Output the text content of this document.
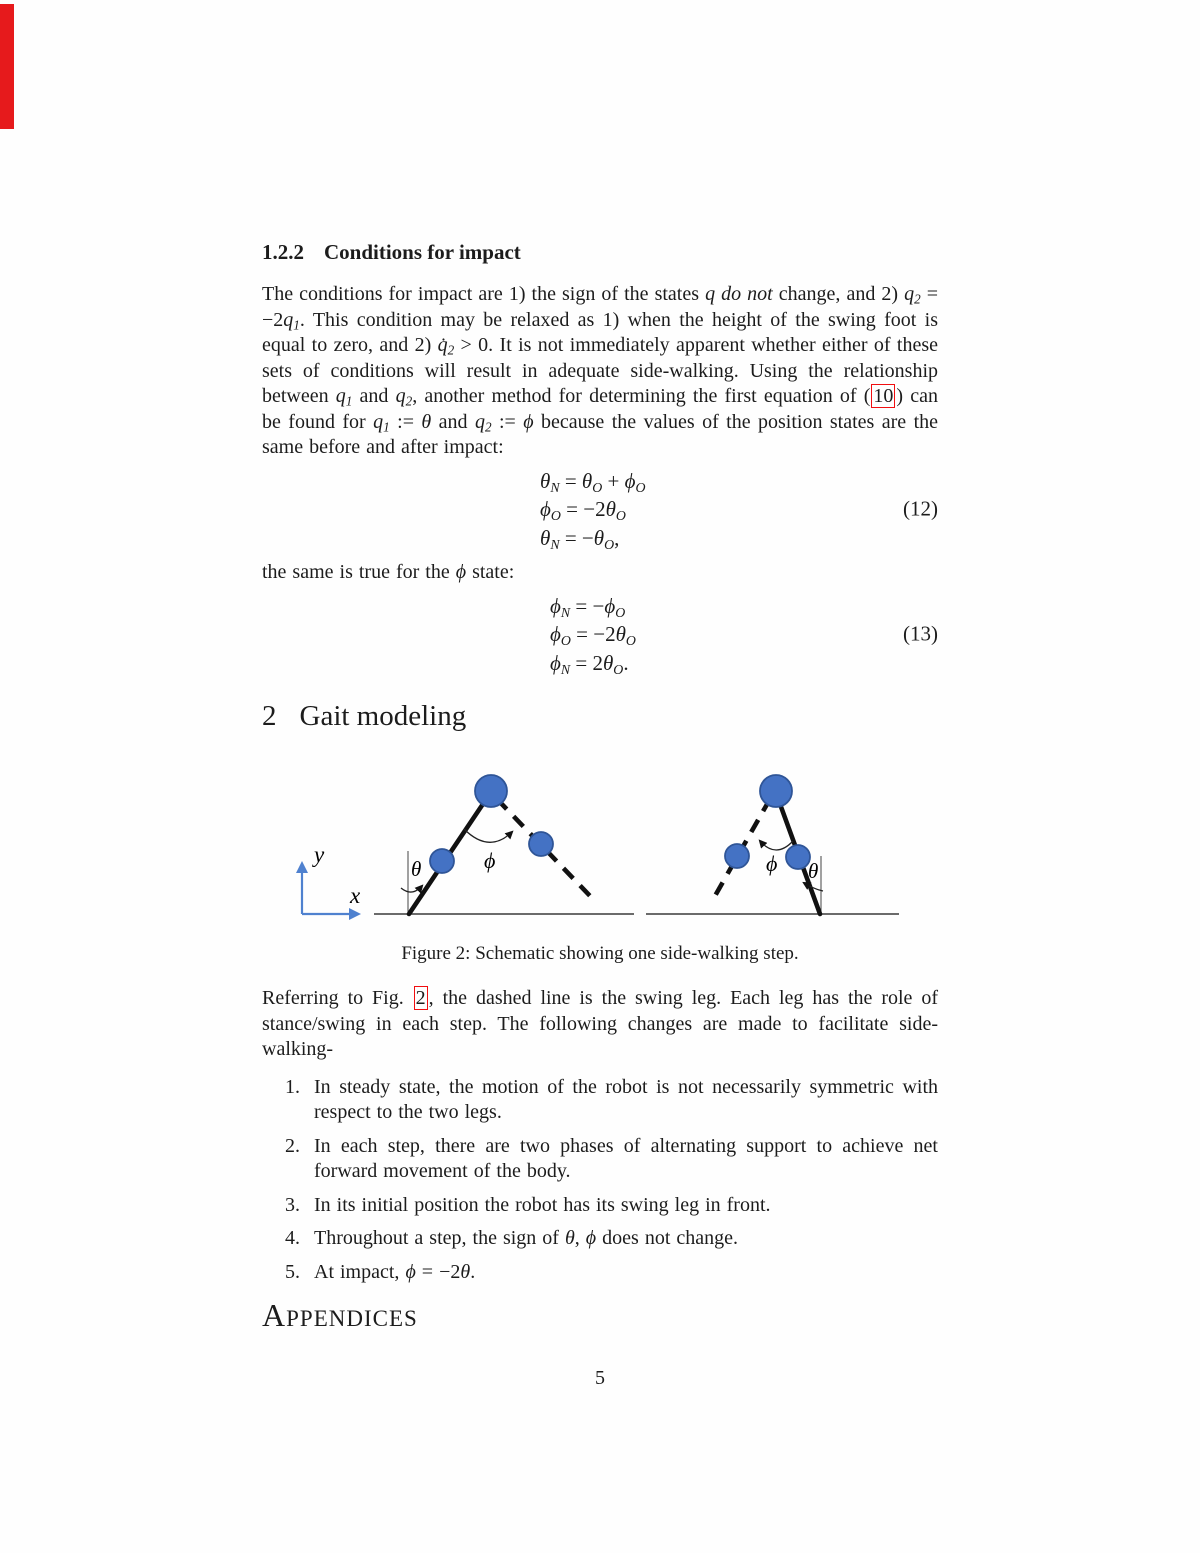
1.2.2 Conditions for impact

The conditions for impact are 1) the sign of the states q do not change, and 2) $q_2 = -2q_1$. This condition may be relaxed as 1) when the height of the swing foot is equal to zero, and 2) $q̇_2 > 0$. It is not immediately apparent whether either of these sets of conditions will result in adequate side-walking. Using the relationship between $q_1$ and $q_2$, another method for determining the first equation of ( 10 ) can be found for $q_1$ := θ and $q_2$ := ϕ because the values of the position states are the same before and after impact:

$\theta_N = \theta_O + \phi_O$

$\phi_O = -2\theta_O$

$\theta_N = -\theta_O$,

(12)

the same is true for the ϕ state:

$\phi_N = -\phi_O$

$\phi_O = -2\theta_O$

$\phi_N = 2\theta_O$.

(13)
2 Gait modeling
y
x
θ	ϕ	θ
ϕ
Figure 2: Schematic showing one side-walking step.

Referring to Fig. 2 , the dashed line is the swing leg. Each leg has the role of stance/swing in each step. The following changes are made to facilitate side-walking-

1. In steady state, the motion of the robot is not necessarily symmetric with respect to the two legs.

2. In each step, there are two phases of alternating support to achieve net forward movement of the body.

3. In its initial position the robot has its swing leg in front.

4. Throughout a step, the sign of θ, ϕ does not change.

5. At impact, ϕ = −2θ.

APPENDICES

5
